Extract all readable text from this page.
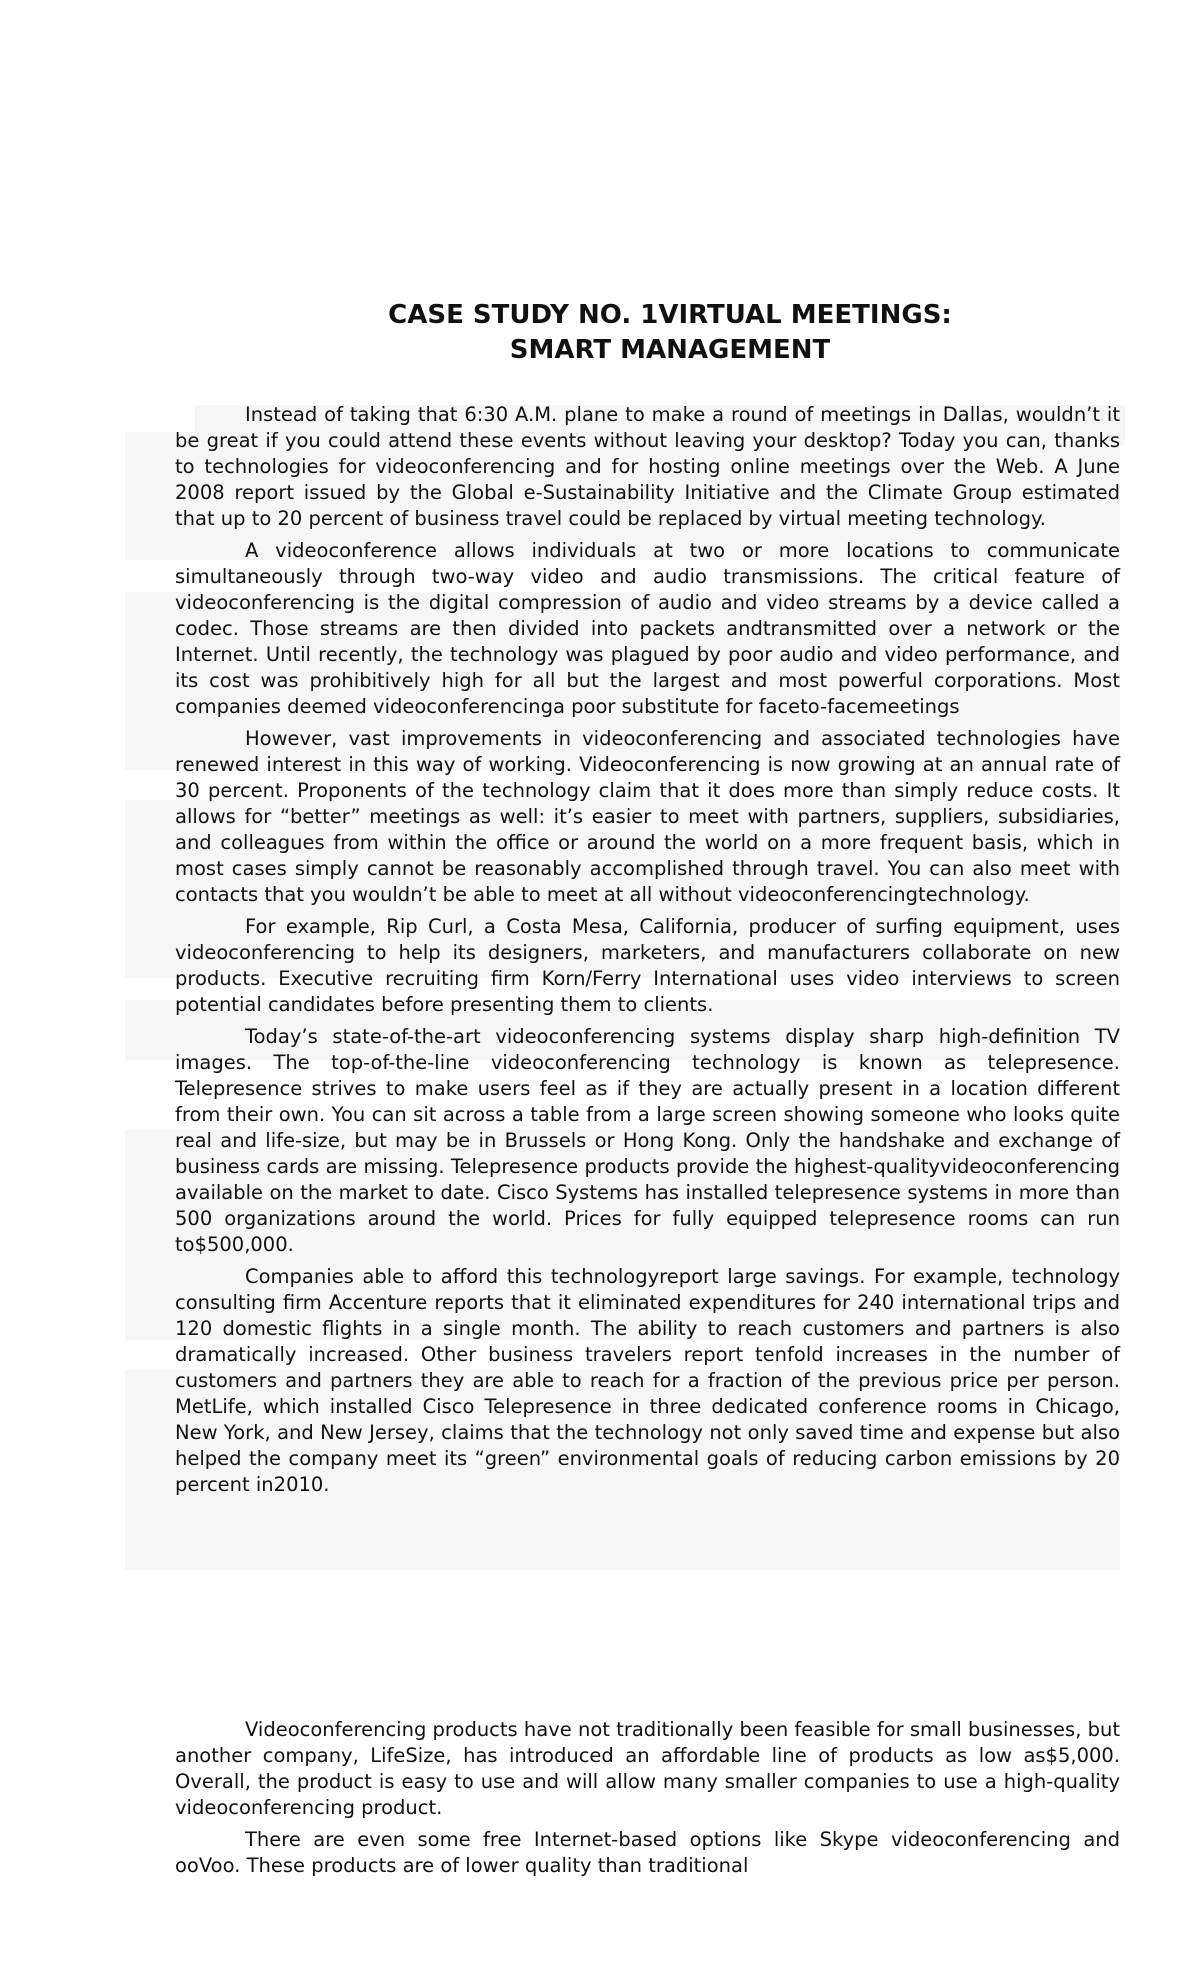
CASE STUDY NO. 1VIRTUAL MEETINGS:
SMART MANAGEMENT

Instead of taking that 6:30 A.M. plane to make a round of meetings in Dallas, wouldn’t it be great if you could attend these events without leaving your desktop? Today you can, thanks to technologies for videoconferencing and for hosting online meetings over the Web. A June 2008 report issued by the Global e-Sustainability Initiative and the Climate Group estimated that up to 20 percent of business travel could be replaced by virtual meeting technology.

A videoconference allows individuals at two or more locations to communicate simultaneously through two-way video and audio transmissions. The critical feature of videoconferencing is the digital compression of audio and video streams by a device called a codec. Those streams are then divided into packets andtransmitted over a network or the Internet. Until recently, the technology was plagued by poor audio and video performance, and its cost was prohibitively high for all but the largest and most powerful corporations. Most companies deemed videoconferencinga poor substitute for faceto-facemeetings

However, vast improvements in videoconferencing and associated technologies have renewed interest in this way of working. Videoconferencing is now growing at an annual rate of 30 percent. Proponents of the technology claim that it does more than simply reduce costs. It allows for “better” meetings as well: it’s easier to meet with partners, suppliers, subsidiaries, and colleagues from within the office or around the world on a more frequent basis, which in most cases simply cannot be reasonably accomplished through travel. You can also meet with contacts that you wouldn’t be able to meet at all without videoconferencingtechnology.

For example, Rip Curl, a Costa Mesa, California, producer of surfing equipment, uses videoconferencing to help its designers, marketers, and manufacturers collaborate on new products. Executive recruiting firm Korn/Ferry International uses video interviews to screen potential candidates before presenting them to clients.

Today’s state-of-the-art videoconferencing systems display sharp high-definition TV images. The top-of-the-line videoconferencing technology is known as telepresence. Telepresence strives to make users feel as if they are actually present in a location different from their own. You can sit across a table from a large screen showing someone who looks quite real and life-size, but may be in Brussels or Hong Kong. Only the handshake and exchange of business cards are missing. Telepresence products provide the highest-qualityvideoconferencing available on the market to date. Cisco Systems has installed telepresence systems in more than 500 organizations around the world. Prices for fully equipped telepresence rooms can run to$500,000.

Companies able to afford this technologyreport large savings. For example, technology consulting firm Accenture reports that it eliminated expenditures for 240 international trips and 120 domestic flights in a single month. The ability to reach customers and partners is also dramatically increased. Other business travelers report tenfold increases in the number of customers and partners they are able to reach for a fraction of the previous price per person. MetLife, which installed Cisco Telepresence in three dedicated conference rooms in Chicago, New York, and New Jersey, claims that the technology not only saved time and expense but also helped the company meet its “green” environmental goals of reducing carbon emissions by 20 percent in2010.

Videoconferencing products have not traditionally been feasible for small businesses, but another company, LifeSize, has introduced an affordable line of products as low as$5,000. Overall, the product is easy to use and will allow many smaller companies to use a high-quality videoconferencing product.

There are even some free Internet-based options like Skype videoconferencing and ooVoo. These products are of lower quality than traditional
